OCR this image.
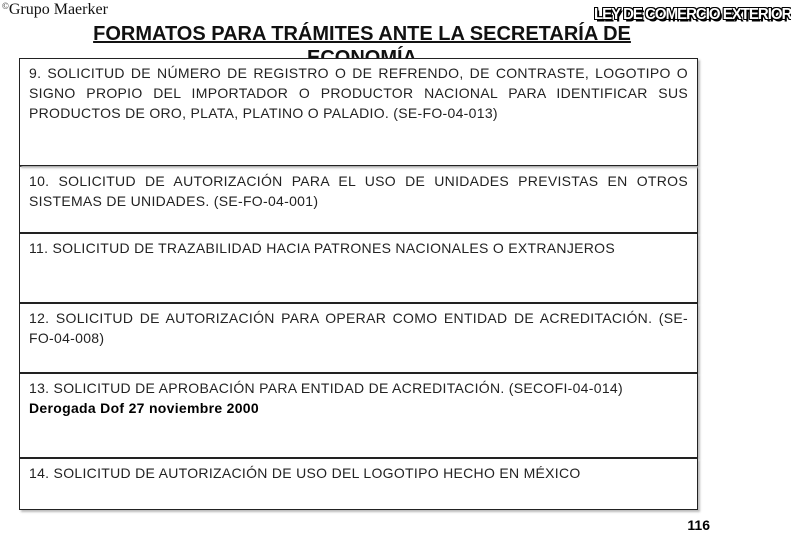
©Grupo Maerker	LEY DE COMERCIO EXTERIOR
FORMATOS PARA TRÁMITES ANTE LA SECRETARÍA DE
9. SOLICITUD DE NÚMERO DE REGISTRO O DE REFRENDO, DE CONTRASTE, LOGOTIPO O SIGNO PROPIO DEL IMPORTADOR O PRODUCTOR NACIONAL PARA IDENTIFICAR SUS PRODUCTOS DE ORO, PLATA, PLATINO O PALADIO. (SE-FO-04-013)
10. SOLICITUD DE AUTORIZACIÓN PARA EL USO DE UNIDADES PREVISTAS EN OTROS SISTEMAS DE UNIDADES. (SE-FO-04-001)
11. SOLICITUD DE TRAZABILIDAD HACIA PATRONES NACIONALES O EXTRANJEROS
12. SOLICITUD DE AUTORIZACIÓN PARA OPERAR COMO ENTIDAD DE ACREDITACIÓN. (SE-FO-04-008)
13. SOLICITUD DE APROBACIÓN PARA ENTIDAD DE ACREDITACIÓN. (SECOFI-04-014)
Derogada Dof 27 noviembre 2000
14. SOLICITUD DE AUTORIZACIÓN DE USO DEL LOGOTIPO HECHO EN MÉXICO
116
